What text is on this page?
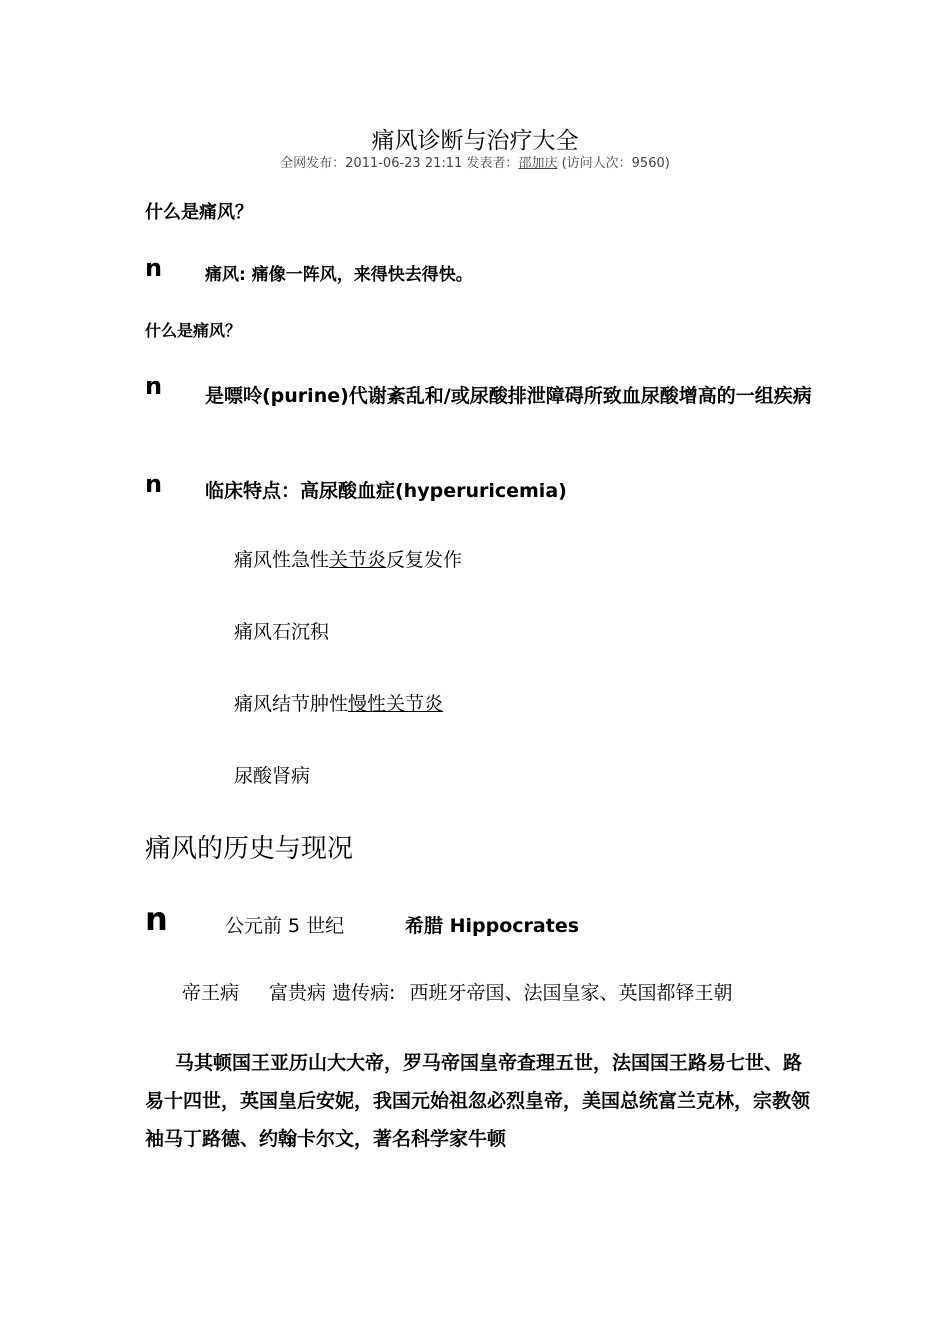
痛风诊断与治疗大全
全网发布：2011-06-23 21:11 发表者：邵加庆 (访问人次：9560)
什么是痛风？
n	痛风: 痛像一阵风，来得快去得快。
什么是痛风？
n	是嘌呤(purine)代谢紊乱和/或尿酸排泄障碍所致血尿酸增高的一组疾病
n 临床特点：高尿酸血症(hyperuricemia)
痛风性急性关节炎反复发作
痛风石沉积
痛风结节肿性慢性关节炎
尿酸肾病
痛风的历史与现况
n	公元前 5 世纪	希腊 Hippocrates
帝王病 富贵病 遗传病: 西班牙帝国、法国皇家、英国都铎王朝
马其顿国王亚历山大大帝，罗马帝国皇帝查理五世，法国国王路易七世、路易十四世，英国皇后安妮，我国元始祖忽必烈皇帝，美国总统富兰克林，宗教领袖马丁路德、约翰卡尔文，著名科学家牛顿
